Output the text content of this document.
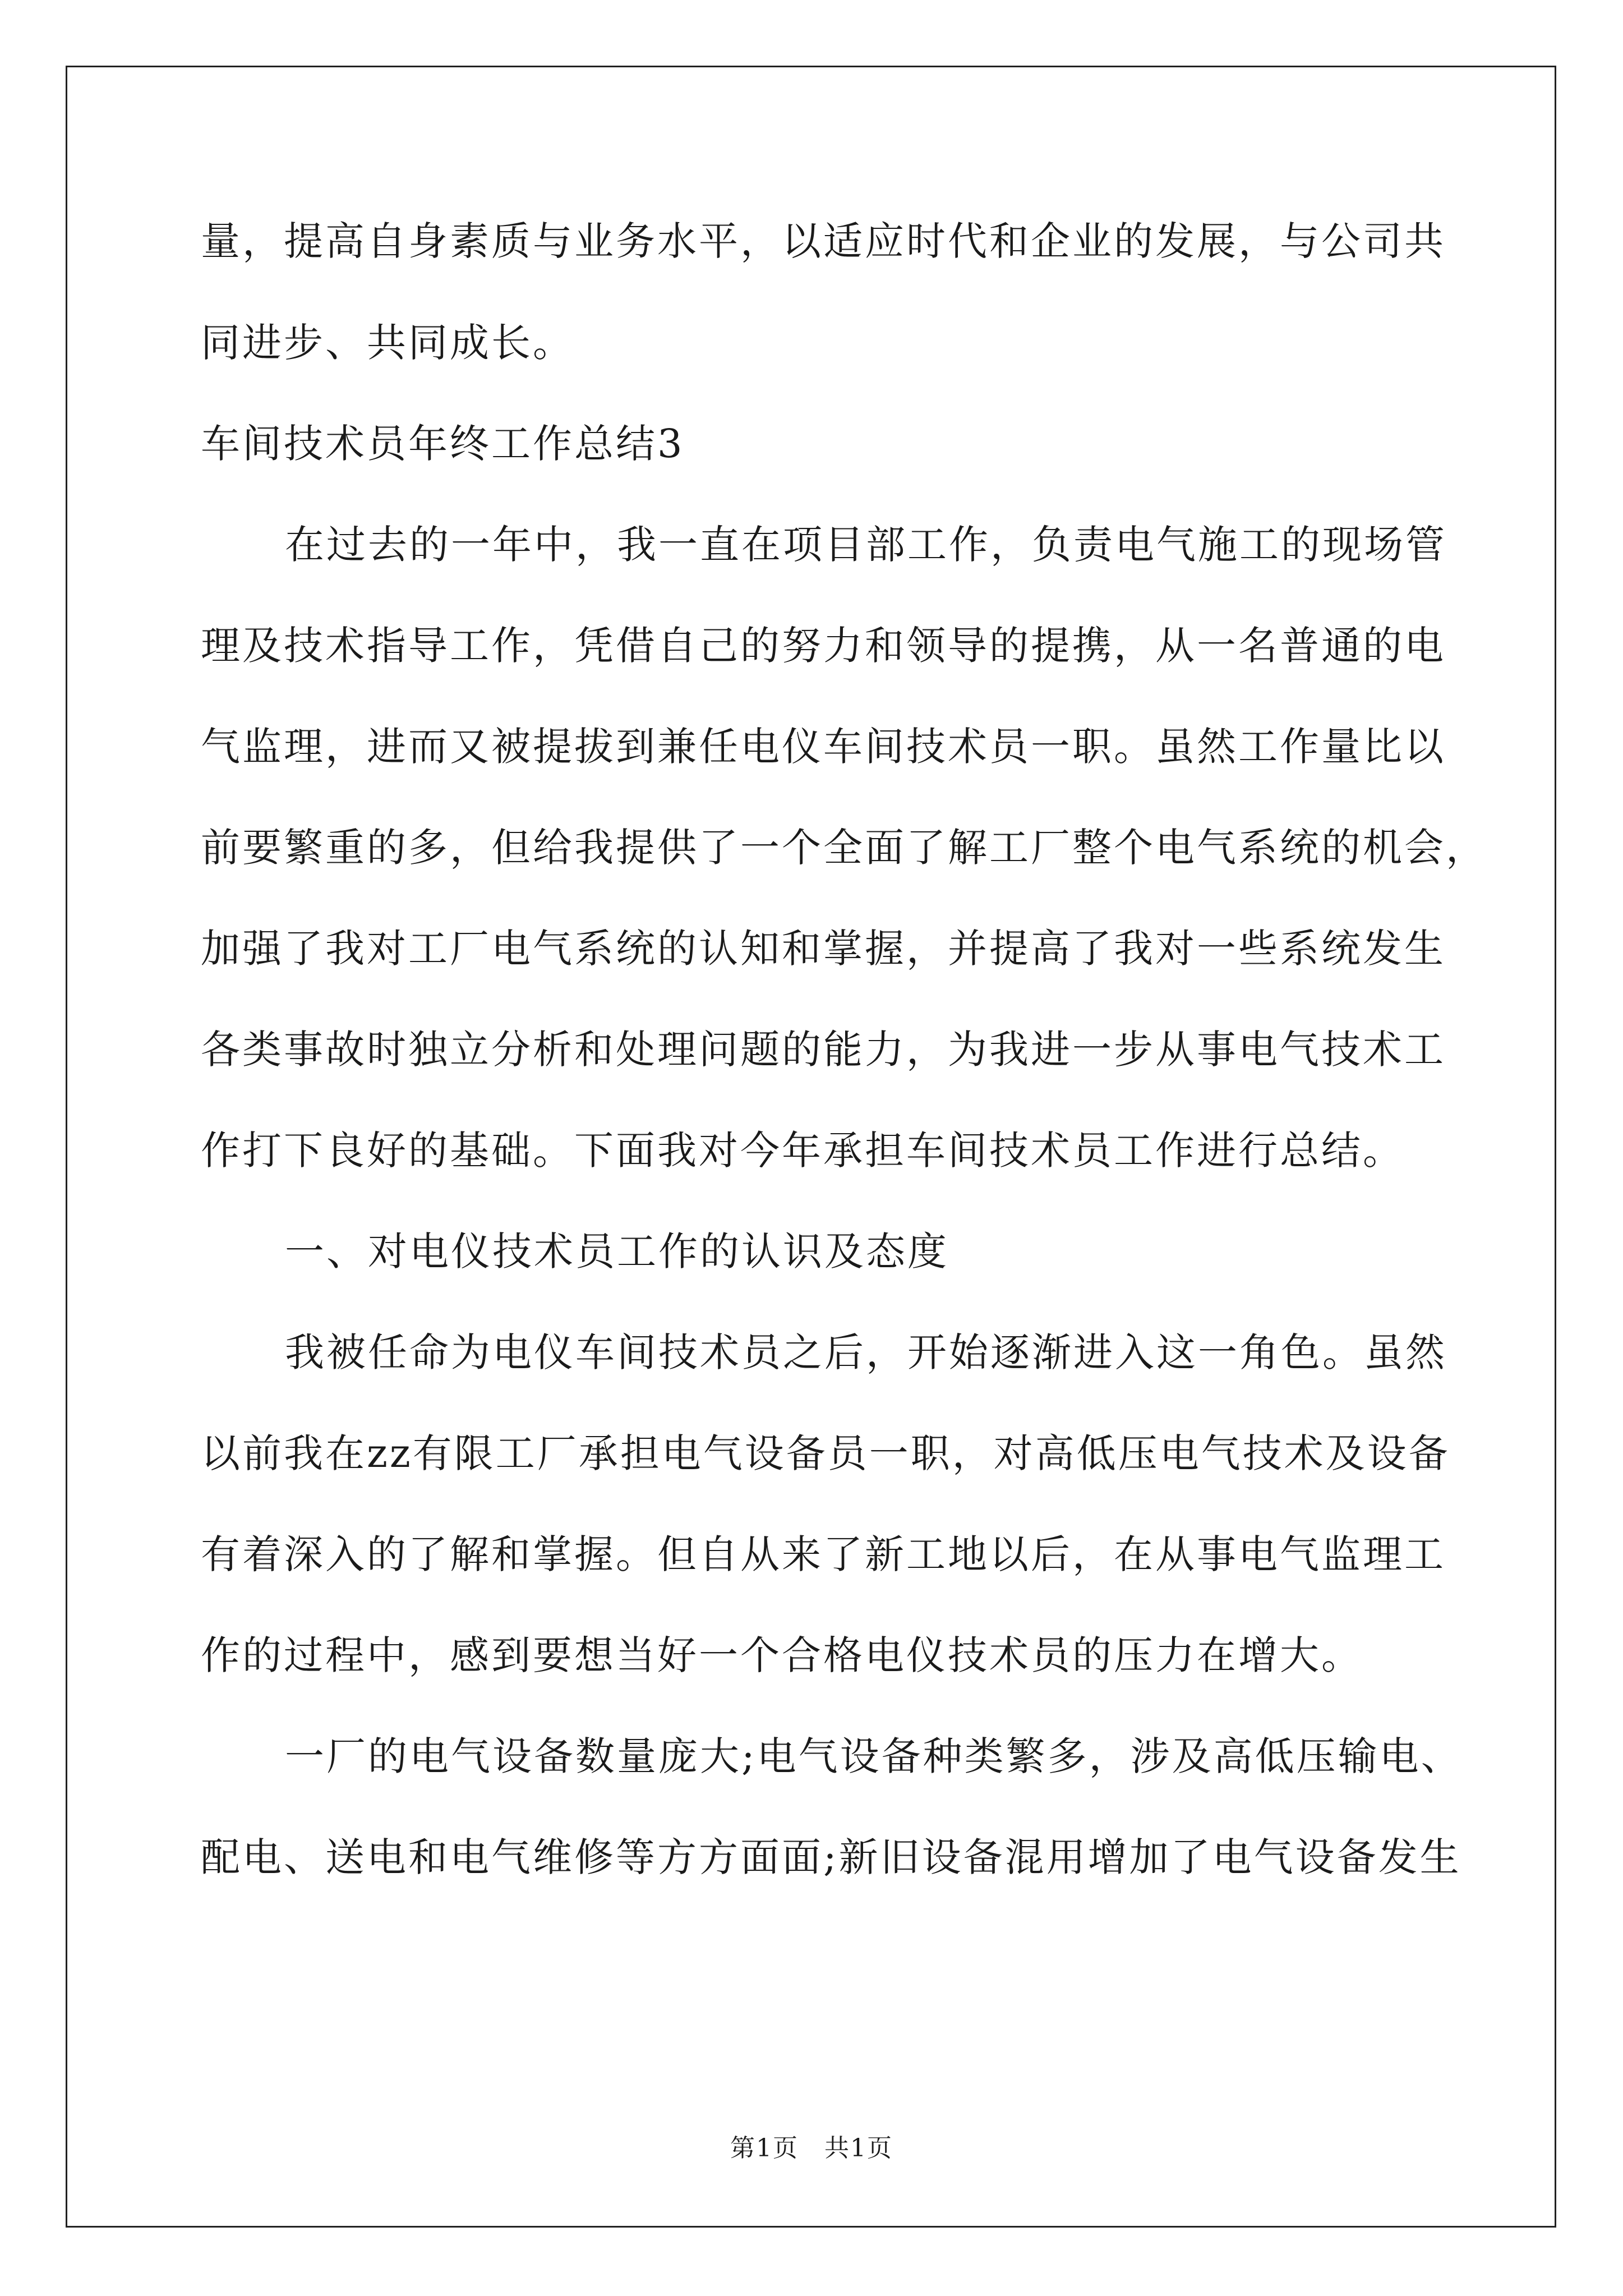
量，提高自身素质与业务水平，以适应时代和企业的发展，与公司共
同进步、共同成长。
车间技术员年终工作总结3
在过去的一年中，我一直在项目部工作，负责电气施工的现场管
理及技术指导工作，凭借自己的努力和领导的提携，从一名普通的电
气监理，进而又被提拔到兼任电仪车间技术员一职。虽然工作量比以
前要繁重的多，但给我提供了一个全面了解工厂整个电气系统的机会，
加强了我对工厂电气系统的认知和掌握，并提高了我对一些系统发生
各类事故时独立分析和处理问题的能力，为我进一步从事电气技术工
作打下良好的基础。下面我对今年承担车间技术员工作进行总结。
一、对电仪技术员工作的认识及态度
我被任命为电仪车间技术员之后，开始逐渐进入这一角色。虽然
以前我在zz有限工厂承担电气设备员一职，对高低压电气技术及设备
有着深入的了解和掌握。但自从来了新工地以后，在从事电气监理工
作的过程中，感到要想当好一个合格电仪技术员的压力在增大。
一厂的电气设备数量庞大;电气设备种类繁多，涉及高低压输电、
配电、送电和电气维修等方方面面;新旧设备混用增加了电气设备发生
第1页　共1页
